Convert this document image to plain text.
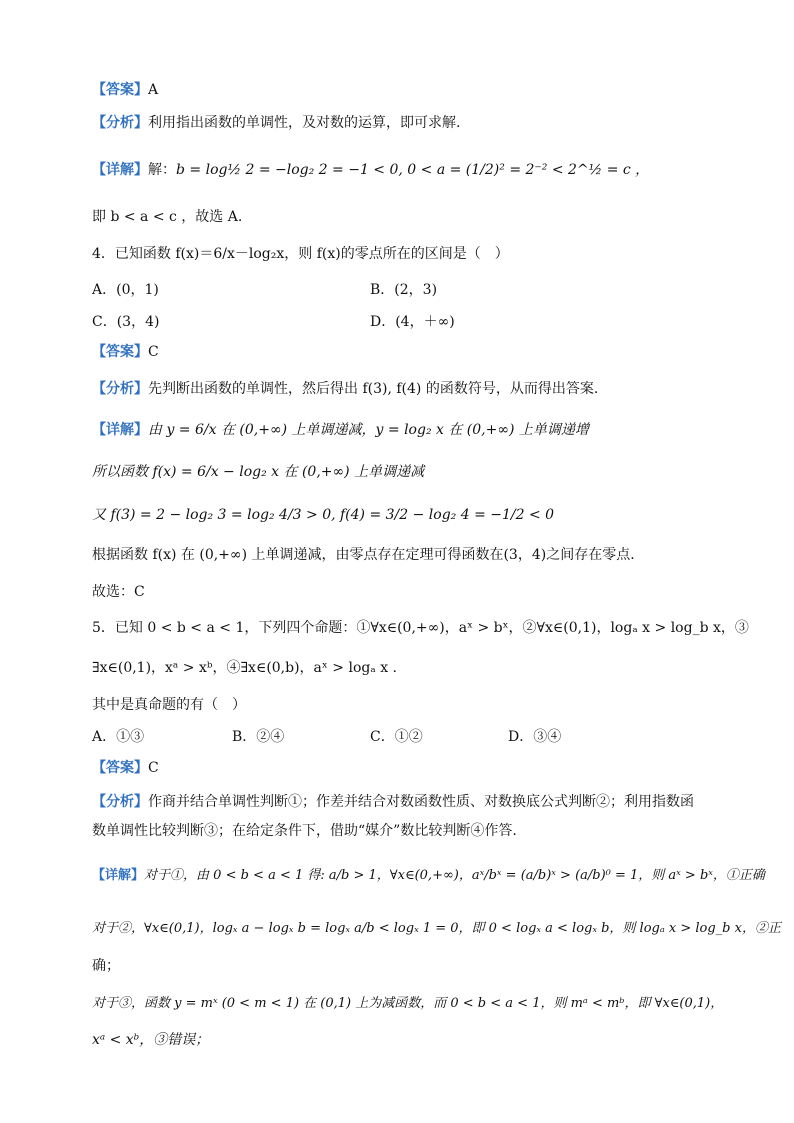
【 答案 】 A
【 分析 】 利用指出函数的单调性，及对数的运算，即可求解.
【 详解 】 解：b = log½ 2 = −log₂ 2 = −1 < 0, 0 < a = (1/2)² = 2⁻² < 2^½ = c ，
即 b < a < c ，故选 A.
4．已知函数 f(x)＝6/x－log₂x，则 f(x)的零点所在的区间是（　）
A．(0，1)	B．(2，3)
C．(3，4)	D．(4，＋∞)
【 答案 】 C
【 分析 】 先判断出函数的单调性，然后得出 f(3), f(4) 的函数符号，从而得出答案.
【 详解 】 由 y = 6/x 在 (0,+∞) 上单调递减，y = log₂ x 在 (0,+∞) 上单调递增
所以函数 f(x) = 6/x − log₂ x 在 (0,+∞) 上单调递减
又 f(3) = 2 − log₂ 3 = log₂ 4/3 > 0, f(4) = 3/2 − log₂ 4 = −1/2 < 0
根据函数 f(x) 在 (0,+∞) 上单调递减，由零点存在定理可得函数在(3，4)之间存在零点.
故选：C
5．已知 0 < b < a < 1，下列四个命题：①∀x∈(0,+∞)，aˣ > bˣ，②∀x∈(0,1)，logₐ x > log_b x，③
∃x∈(0,1)，xᵃ > xᵇ，④∃x∈(0,b)，aˣ > logₐ x .
其中是真命题的有（　）
A．①③	B．②④	C．①②	D．③④
【 答案 】 C
【 分析 】 作商并结合单调性判断①；作差并结合对数函数性质、对数换底公式判断②；利用指数函
数单调性比较判断③；在给定条件下，借助“媒介”数比较判断④作答.
【 详解 】 对于①，由 0 < b < a < 1 得: a/b > 1，∀x∈(0,+∞)，aˣ/bˣ = (a/b)ˣ > (a/b)⁰ = 1，则 aˣ > bˣ，①正确
对于②，∀x∈(0,1)，logₓ a − logₓ b = logₓ a/b < logₓ 1 = 0，即 0 < logₓ a < logₓ b，则 logₐ x > log_b x，②正
确；
对于③，函数 y = mˣ (0 < m < 1) 在 (0,1) 上为减函数，而 0 < b < a < 1，则 mᵃ < mᵇ，即 ∀x∈(0,1)，
xᵃ < xᵇ，③错误；
